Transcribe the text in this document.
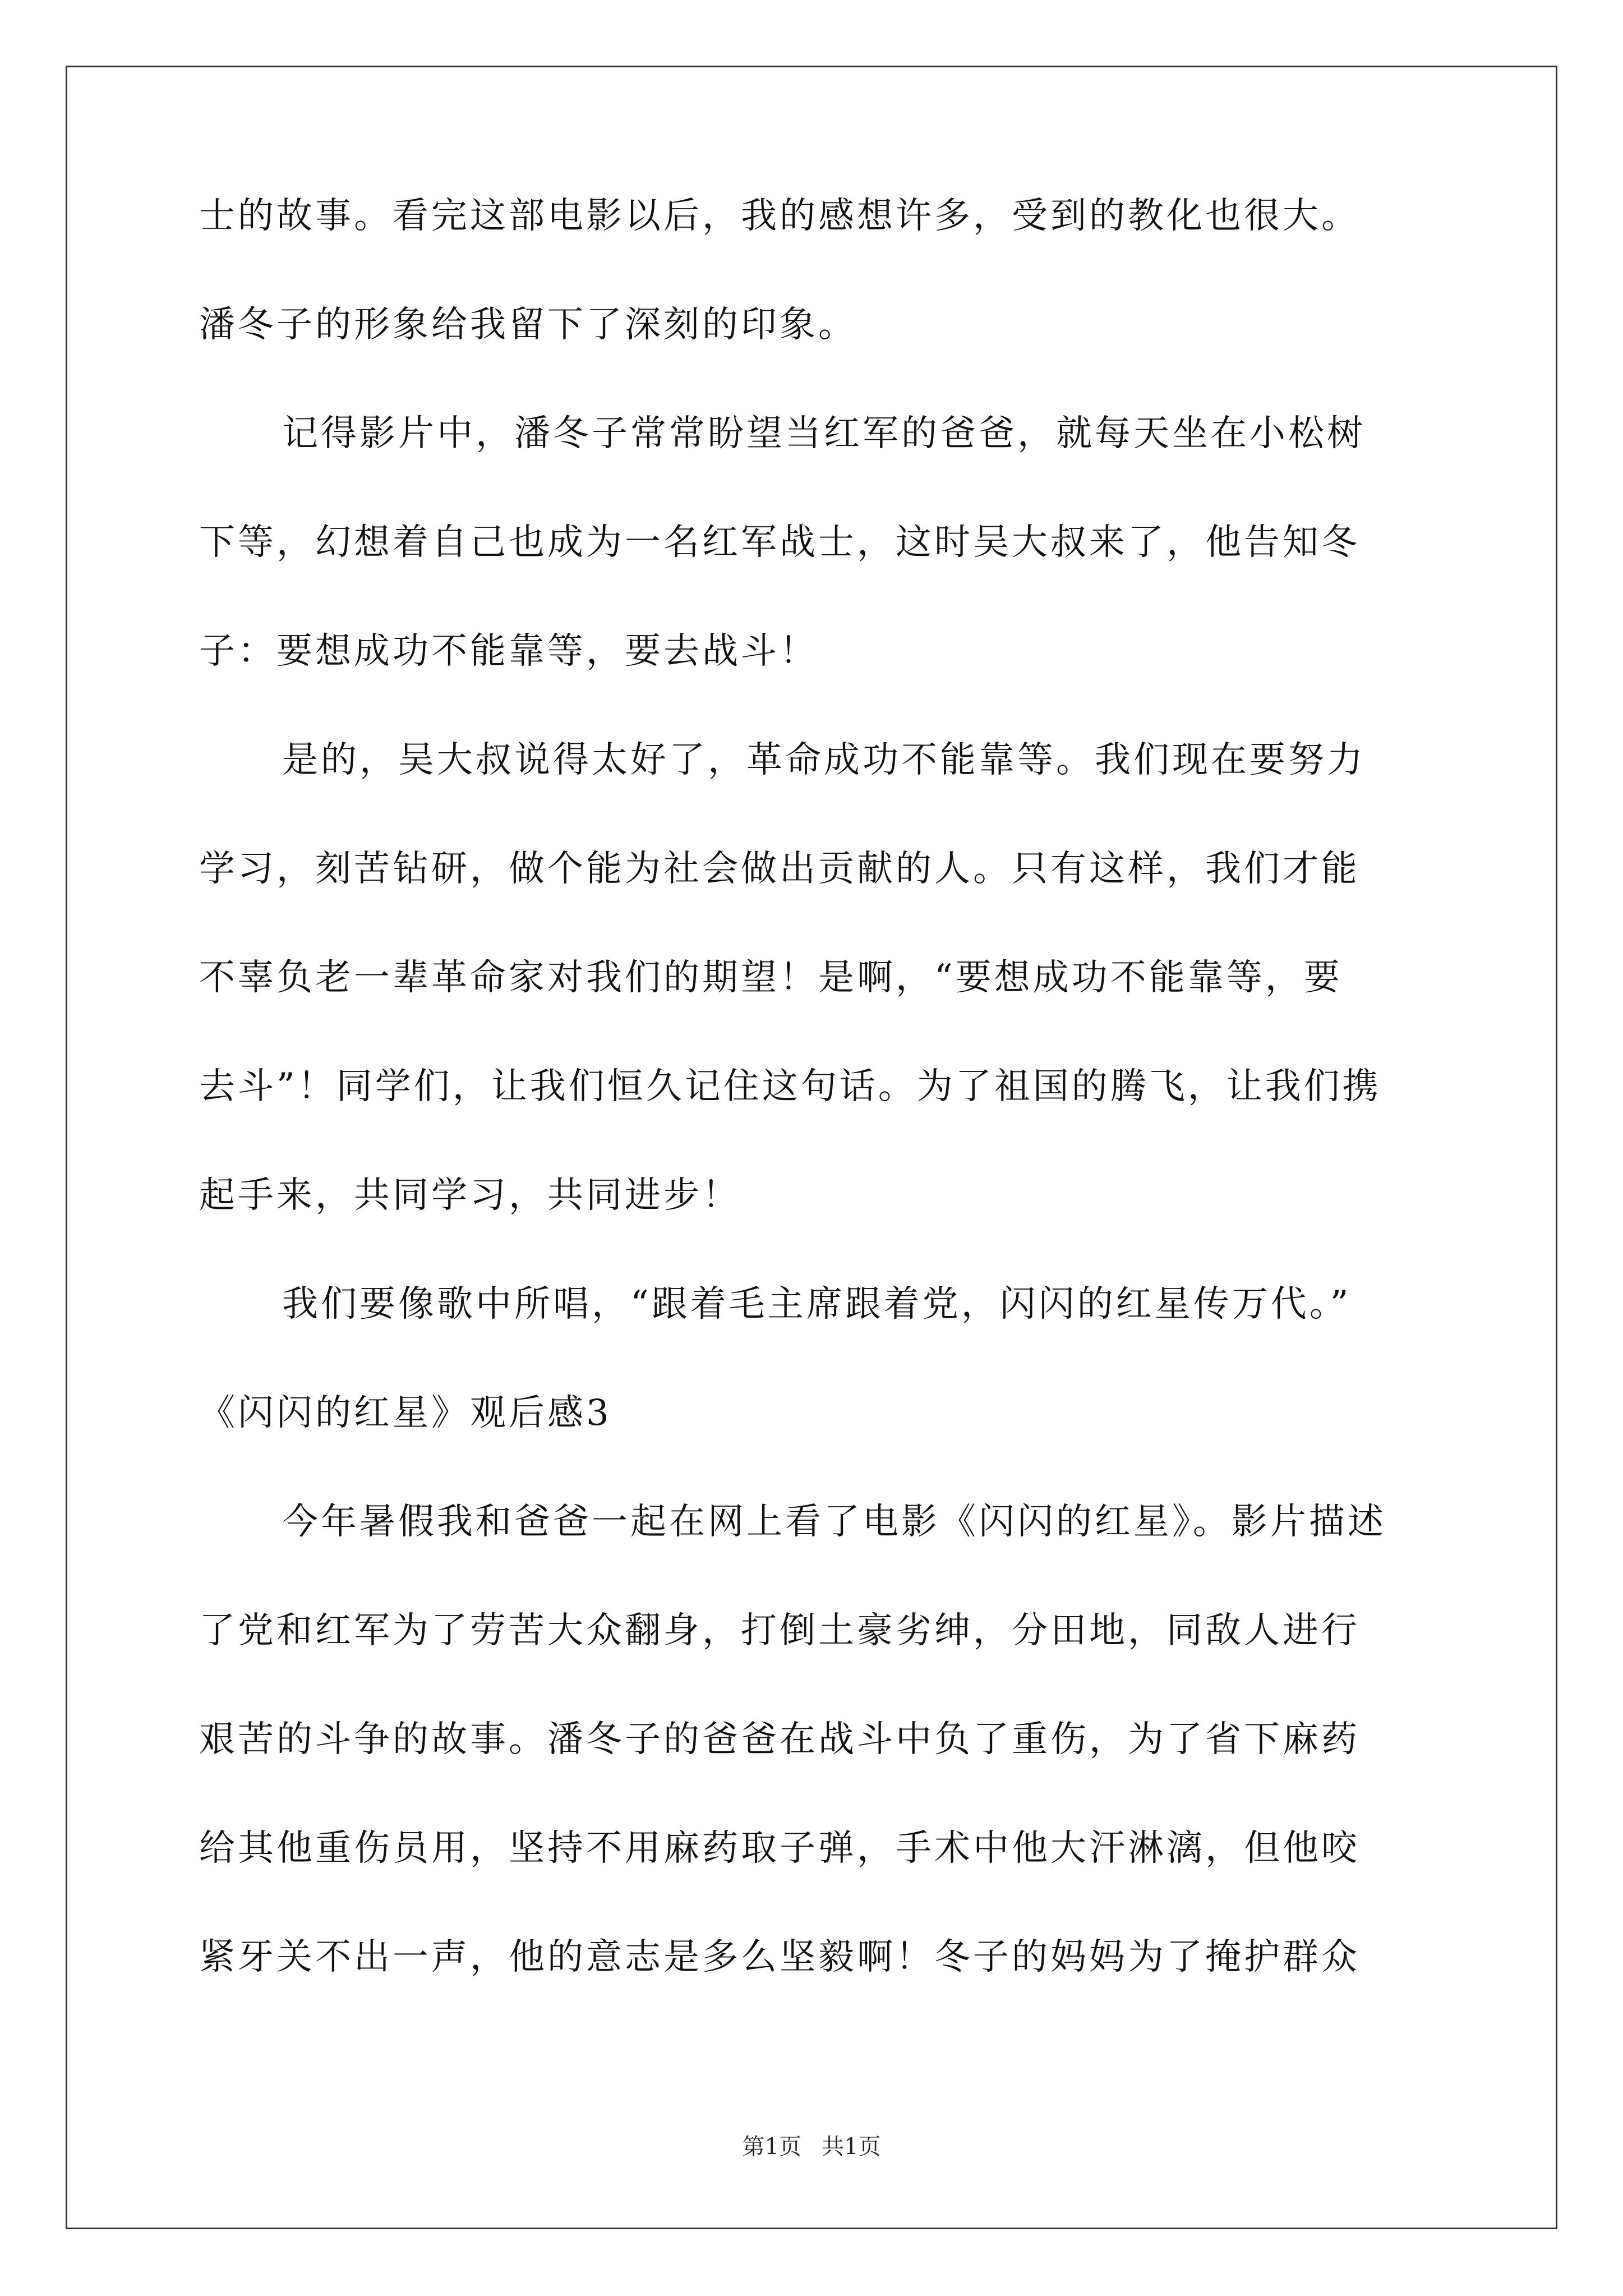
士的故事。看完这部电影以后，我的感想许多，受到的教化也很大。
潘冬子的形象给我留下了深刻的印象。
记得影片中，潘冬子常常盼望当红军的爸爸，就每天坐在小松树
下等，幻想着自己也成为一名红军战士，这时吴大叔来了，他告知冬
子：要想成功不能靠等，要去战斗！
是的，吴大叔说得太好了，革命成功不能靠等。我们现在要努力
学习，刻苦钻研，做个能为社会做出贡献的人。只有这样，我们才能
不辜负老一辈革命家对我们的期望！是啊，“要想成功不能靠等，要
去斗”！同学们，让我们恒久记住这句话。为了祖国的腾飞，让我们携
起手来，共同学习，共同进步！
我们要像歌中所唱，“跟着毛主席跟着党，闪闪的红星传万代。”
《闪闪的红星》观后感3
今年暑假我和爸爸一起在网上看了电影《闪闪的红星》。影片描述
了党和红军为了劳苦大众翻身，打倒土豪劣绅，分田地，同敌人进行
艰苦的斗争的故事。潘冬子的爸爸在战斗中负了重伤，为了省下麻药
给其他重伤员用，坚持不用麻药取子弹，手术中他大汗淋漓，但他咬
紧牙关不出一声，他的意志是多么坚毅啊！冬子的妈妈为了掩护群众
第1页 共1页
